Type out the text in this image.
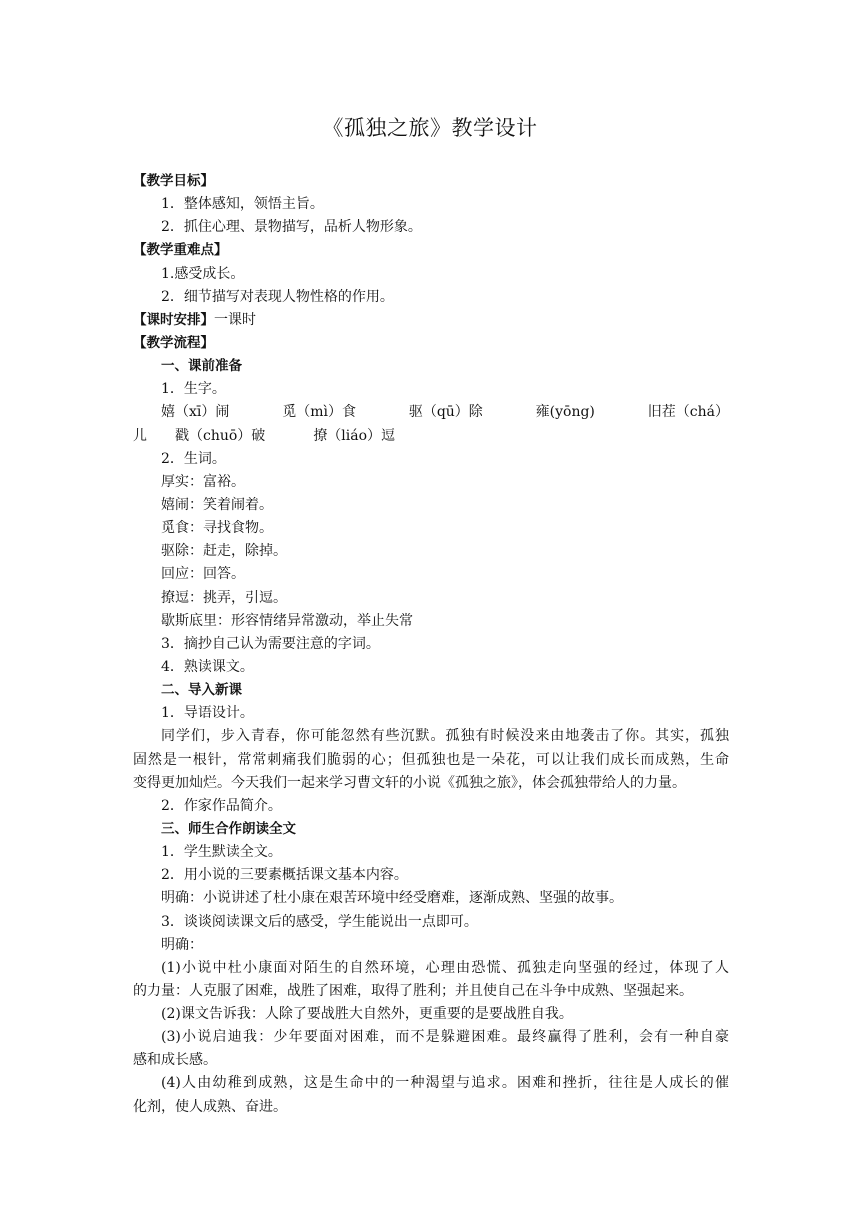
《孤独之旅》教学设计
【教学目标】
1．整体感知，领悟主旨。
2．抓住心理、景物描写，品析人物形象。
【教学重难点】
1.感受成长。
2．细节描写对表现人物性格的作用。
【课时安排】一课时
【教学流程】
一、课前准备
1．生字。
嬉（xī）闹	觅（mì）食	驱（qū）除	雍(yōng)	旧茬（chá）
儿 戳（chuō）破	撩（liáo）逗
2．生词。
厚实：富裕。
嬉闹：笑着闹着。
觅食：寻找食物。
驱除：赶走，除掉。
回应：回答。
撩逗：挑弄，引逗。
歇斯底里：形容情绪异常激动，举止失常
3．摘抄自己认为需要注意的字词。
4．熟读课文。
二、导入新课
1．导语设计。
同学们，步入青春，你可能忽然有些沉默。孤独有时候没来由地袭击了你。其实，孤独
固然是一根针，常常刺痛我们脆弱的心；但孤独也是一朵花，可以让我们成长而成熟，生命
变得更加灿烂。今天我们一起来学习曹文轩的小说《孤独之旅》，体会孤独带给人的力量。
2．作家作品简介。
三、师生合作朗读全文
1．学生默读全文。
2．用小说的三要素概括课文基本内容。
明确：小说讲述了杜小康在艰苦环境中经受磨难，逐渐成熟、坚强的故事。
3．谈谈阅读课文后的感受，学生能说出一点即可。
明确：
(1)小说中杜小康面对陌生的自然环境，心理由恐慌、孤独走向坚强的经过，体现了人
的力量：人克服了困难，战胜了困难，取得了胜利；并且使自己在斗争中成熟、坚强起来。
(2)课文告诉我：人除了要战胜大自然外，更重要的是要战胜自我。
(3)小说启迪我：少年要面对困难，而不是躲避困难。最终赢得了胜利，会有一种自豪
感和成长感。
(4)人由幼稚到成熟，这是生命中的一种渴望与追求。困难和挫折，往往是人成长的催
化剂，使人成熟、奋进。
